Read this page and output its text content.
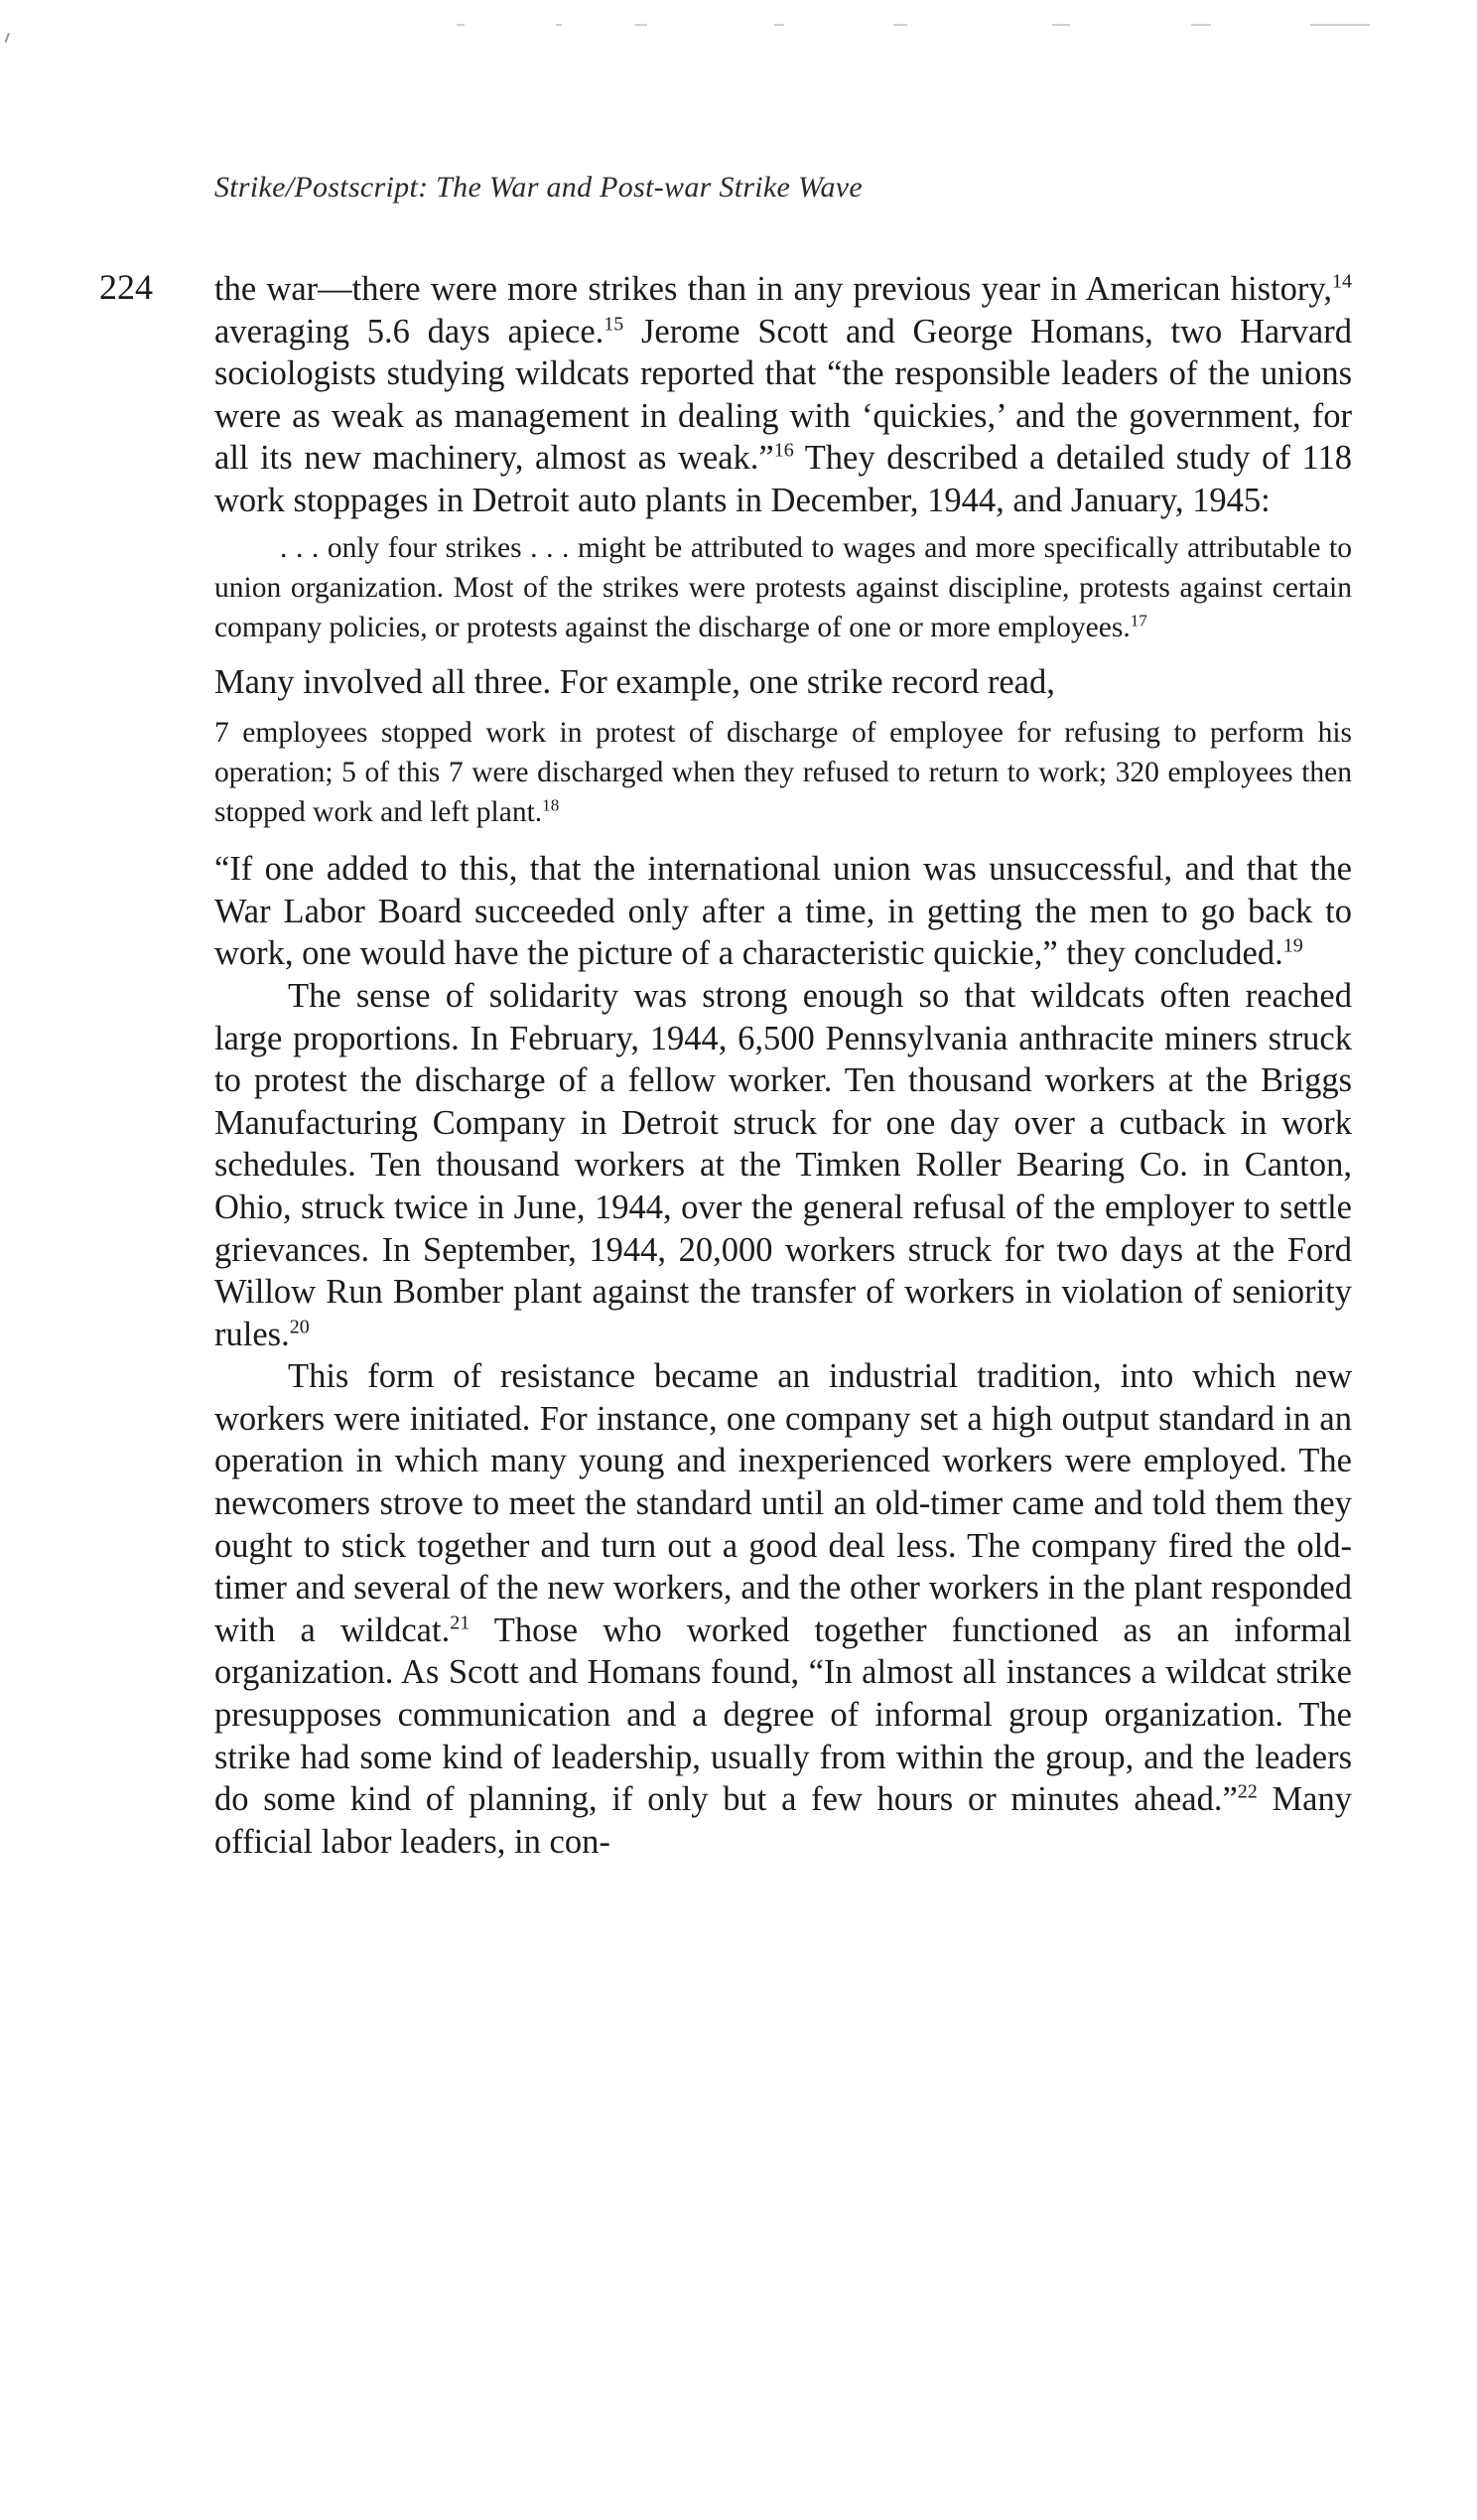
Strike/Postscript: The War and Post-war Strike Wave
224 the war—there were more strikes than in any previous year in American history,$^{14}$ averaging 5.6 days apiece.$^{15}$ Jerome Scott and George Homans, two Harvard sociologists studying wildcats reported that “the responsible leaders of the unions were as weak as management in dealing with ‘quickies,’ and the government, for all its new machinery, almost as weak.”$^{16}$ They described a detailed study of 118 work stoppages in Detroit auto plants in December, 1944, and January, 1945:

. . . only four strikes . . . might be attributed to wages and more specifically attributable to union organization. Most of the strikes were protests against discipline, protests against certain company policies, or protests against the discharge of one or more employees.$^{17}$

Many involved all three. For example, one strike record read,

7 employees stopped work in protest of discharge of employee for refusing to perform his operation; 5 of this 7 were discharged when they refused to return to work; 320 employees then stopped work and left plant.$^{18}$

“If one added to this, that the international union was unsuccessful, and that the War Labor Board succeeded only after a time, in getting the men to go back to work, one would have the picture of a characteristic quickie,” they concluded.$^{19}$

The sense of solidarity was strong enough so that wildcats often reached large proportions. In February, 1944, 6,500 Pennsylvania anthracite miners struck to protest the discharge of a fellow worker. Ten thousand workers at the Briggs Manufacturing Company in Detroit struck for one day over a cutback in work schedules. Ten thousand workers at the Timken Roller Bearing Co. in Canton, Ohio, struck twice in June, 1944, over the general refusal of the employer to settle grievances. In September, 1944, 20,000 workers struck for two days at the Ford Willow Run Bomber plant against the transfer of workers in violation of seniority rules.$^{20}$

This form of resistance became an industrial tradition, into which new workers were initiated. For instance, one company set a high output standard in an operation in which many young and inexperienced workers were employed. The newcomers strove to meet the standard until an old-timer came and told them they ought to stick together and turn out a good deal less. The company fired the old-timer and several of the new workers, and the other workers in the plant responded with a wildcat.$^{21}$ Those who worked together functioned as an informal organization. As Scott and Homans found, “In almost all instances a wildcat strike presupposes communication and a degree of informal group organization. The strike had some kind of leadership, usually from within the group, and the leaders do some kind of planning, if only but a few hours or minutes ahead.”$^{22}$ Many official labor leaders, in con-
